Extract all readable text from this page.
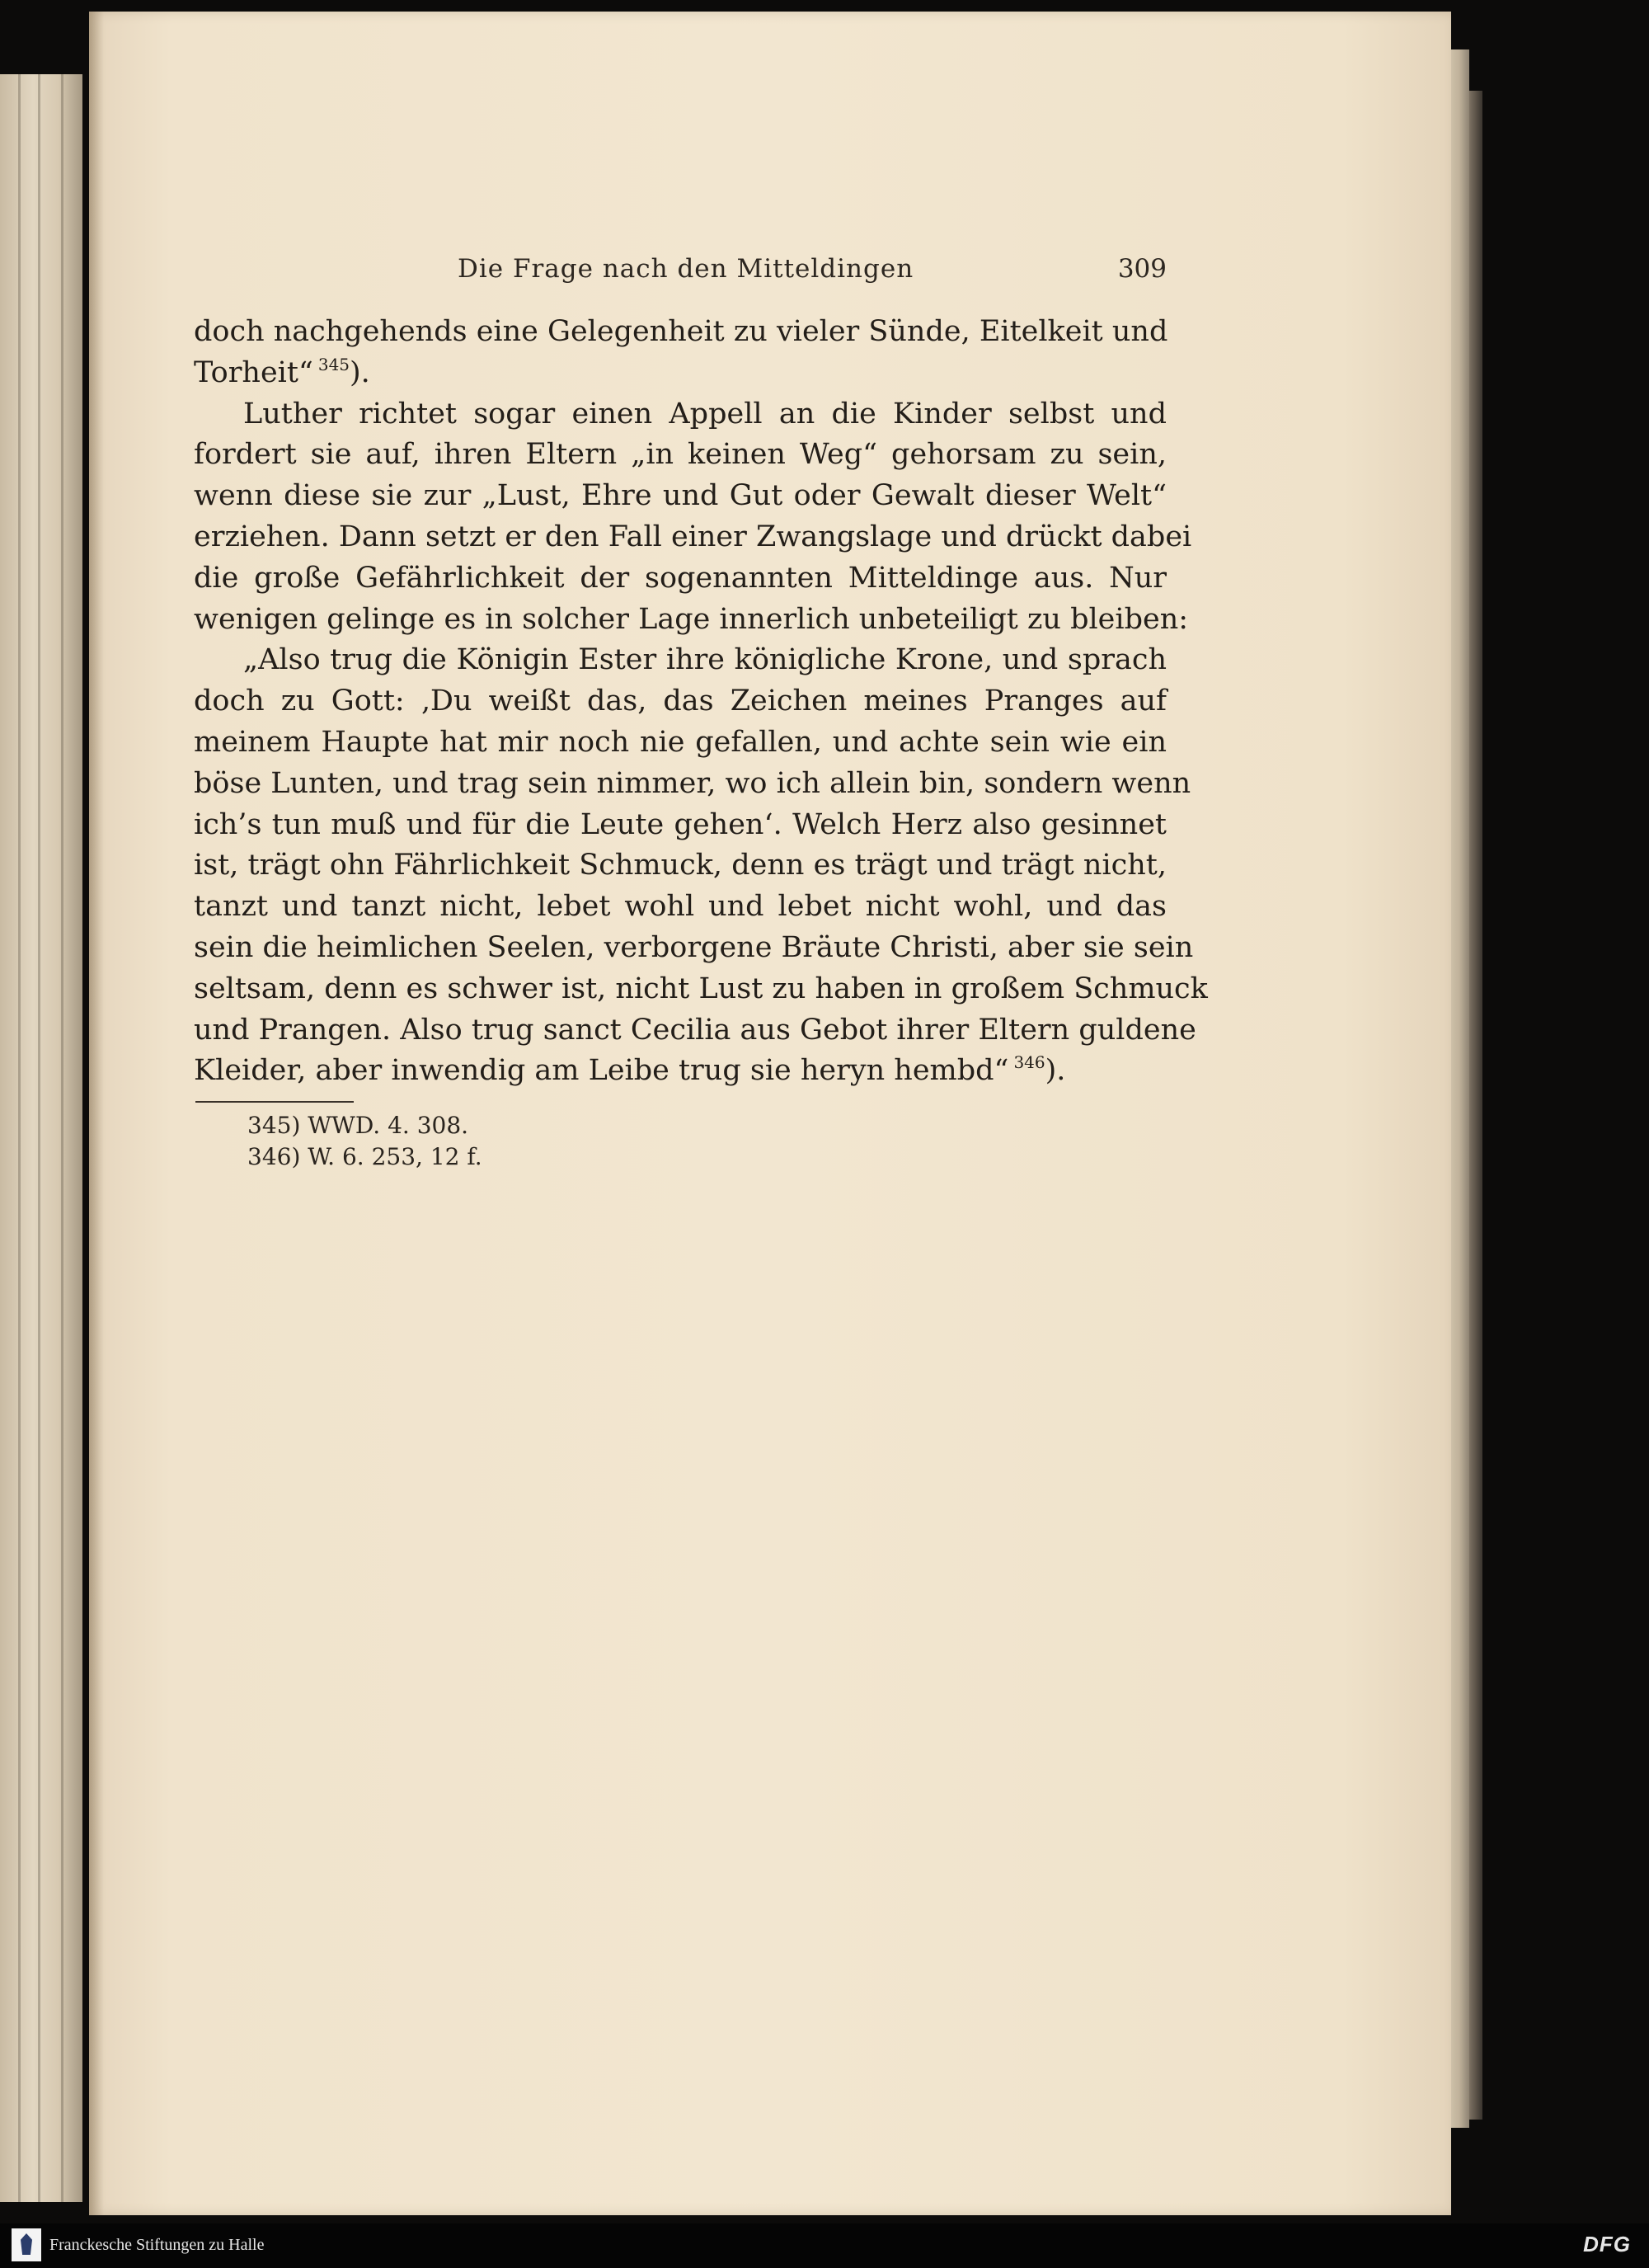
Die Frage nach den Mitteldingen	309
doch nachgehends eine Gelegenheit zu vieler Sünde, Eitelkeit und
Torheit“ $^{345}$).
Luther richtet sogar einen Appell an die Kinder selbst und
fordert sie auf, ihren Eltern „in keinen Weg“ gehorsam zu sein,
wenn diese sie zur „Lust, Ehre und Gut oder Gewalt dieser Welt“
erziehen. Dann setzt er den Fall einer Zwangslage und drückt dabei
die große Gefährlichkeit der sogenannten Mitteldinge aus. Nur
wenigen gelinge es in solcher Lage innerlich unbeteiligt zu bleiben:
„Also trug die Königin Ester ihre königliche Krone, und sprach
doch zu Gott: ‚Du weißt das, das Zeichen meines Pranges auf
meinem Haupte hat mir noch nie gefallen, und achte sein wie ein
böse Lunten, und trag sein nimmer, wo ich allein bin, sondern wenn
ich’s tun muß und für die Leute gehen‘. Welch Herz also gesinnet
ist, trägt ohn Fährlichkeit Schmuck, denn es trägt und trägt nicht,
tanzt und tanzt nicht, lebet wohl und lebet nicht wohl, und das
sein die heimlichen Seelen, verborgene Bräute Christi, aber sie sein
seltsam, denn es schwer ist, nicht Lust zu haben in großem Schmuck
und Prangen. Also trug sanct Cecilia aus Gebot ihrer Eltern guldene
Kleider, aber inwendig am Leibe trug sie heryn hembd“ $^{346}$).
345) WWD. 4. 308.
346) W. 6. 253, 12 f.
Franckesche Stiftungen zu Halle	DFG
